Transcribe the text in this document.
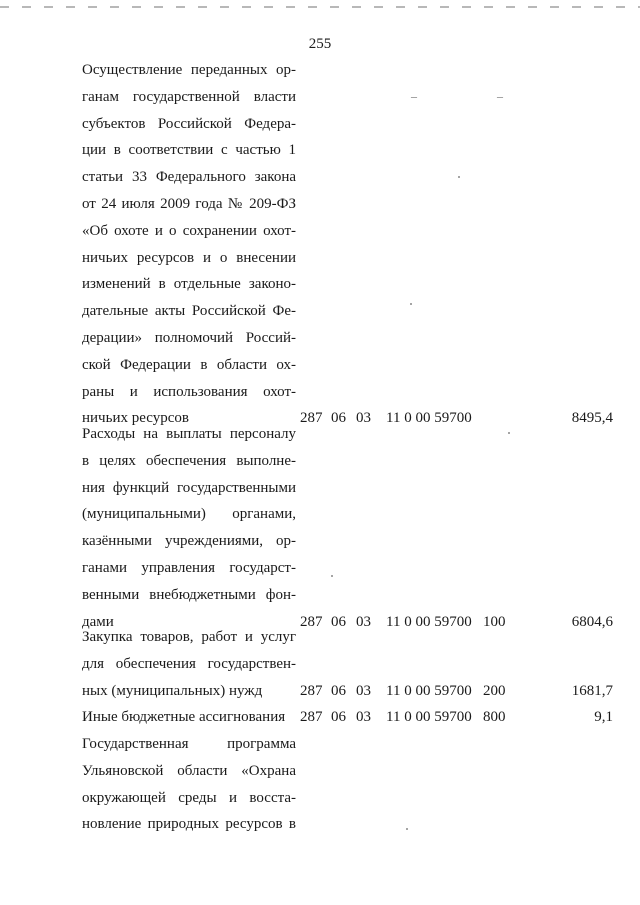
255
–	–
Осуществление переданных ор-
ганам государственной власти
субъектов Российской Федера-
ции в соответствии с частью 1
статьи 33 Федерального закона
от 24 июля 2009 года № 209-ФЗ
«Об охоте и о сохранении охот-
ничьих ресурсов и о внесении
изменений в отдельные законо-
дательные акты Российской Фе-
дерации» полномочий Россий-
ской Федерации в области ох-
раны и использования охот-
ничьих ресурсов	287 06 03 11 0 00 59700	8495,4
Расходы на выплаты персоналу
в целях обеспечения выполне-
ния функций государственными
(муниципальными) органами,
казёнными учреждениями, ор-
ганами управления государст-
венными внебюджетными фон-
дами	287 06 03 11 0 00 59700 100	6804,6
Закупка товаров, работ и услуг
для обеспечения государствен-
ных (муниципальных) нужд	287 06 03 11 0 00 59700 200	1681,7
Иные бюджетные ассигнования 287 06 03 11 0 00 59700 800	9,1
Государственная программа
Ульяновской области «Охрана
окружающей среды и восста-
новление природных ресурсов в
